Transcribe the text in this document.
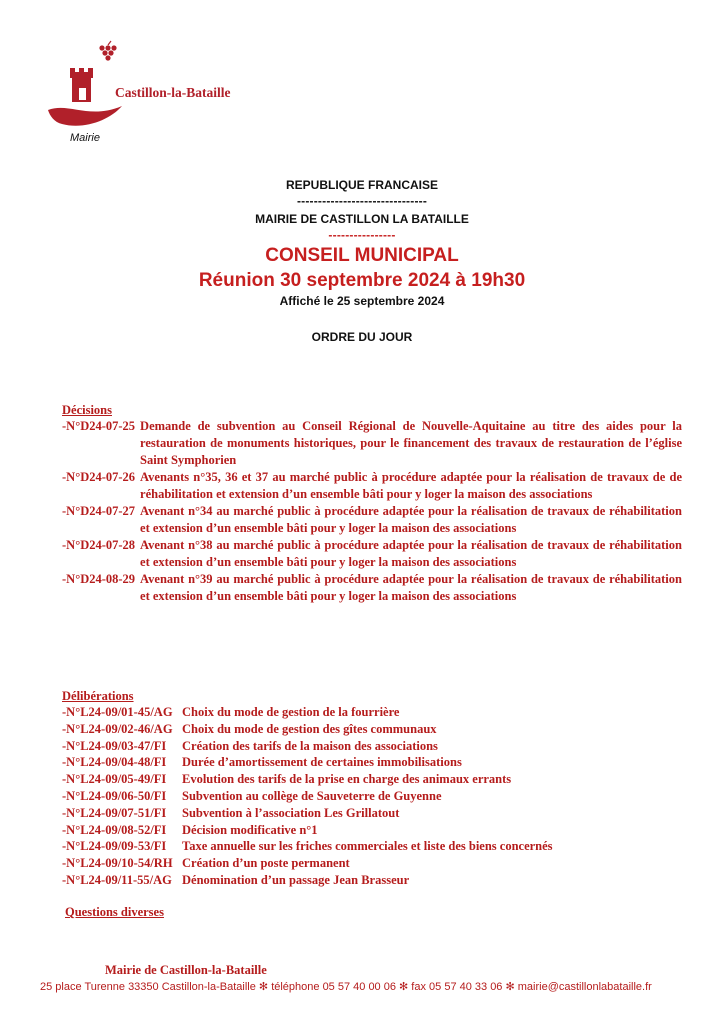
Castillon-la-Bataille
Mairie
REPUBLIQUE FRANCAISE
-------------------------------
MAIRIE DE CASTILLON LA BATAILLE
----------------
CONSEIL MUNICIPAL
Réunion 30 septembre 2024 à 19h30
Affiché le 25 septembre 2024
ORDRE DU JOUR
Décisions
-N°D24-07-25 Demande de subvention au Conseil Régional de Nouvelle-Aquitaine au titre des aides pour la restauration de monuments historiques, pour le financement des travaux de restauration de l’église Saint Symphorien
-N°D24-07-26 Avenants n°35, 36 et 37 au marché public à procédure adaptée pour la réalisation de travaux de de réhabilitation et extension d’un ensemble bâti pour y loger la maison des associations
-N°D24-07-27 Avenant n°34 au marché public à procédure adaptée pour la réalisation de travaux de réhabilitation et extension d’un ensemble bâti pour y loger la maison des associations
-N°D24-07-28 Avenant n°38 au marché public à procédure adaptée pour la réalisation de travaux de réhabilitation et extension d’un ensemble bâti pour y loger la maison des associations
-N°D24-08-29 Avenant n°39 au marché public à procédure adaptée pour la réalisation de travaux de réhabilitation et extension d’un ensemble bâti pour y loger la maison des associations
Délibérations
-N°L24-09/01-45/AG Choix du mode de gestion de la fourrière
-N°L24-09/02-46/AG Choix du mode de gestion des gîtes communaux
-N°L24-09/03-47/FI Création des tarifs de la maison des associations
-N°L24-09/04-48/FI Durée d’amortissement de certaines immobilisations
-N°L24-09/05-49/FI Evolution des tarifs de la prise en charge des animaux errants
-N°L24-09/06-50/FI Subvention au collège de Sauveterre de Guyenne
-N°L24-09/07-51/FI Subvention à l’association Les Grillatout
-N°L24-09/08-52/FI Décision modificative n°1
-N°L24-09/09-53/FI Taxe annuelle sur les friches commerciales et liste des biens concernés
-N°L24-09/10-54/RH Création d’un poste permanent
-N°L24-09/11-55/AG Dénomination d’un passage Jean Brasseur
Questions diverses
Mairie de Castillon-la-Bataille
25 place Turenne 33350 Castillon-la-Bataille ✻ téléphone 05 57 40 00 06 ✻ fax 05 57 40 33 06 ✻ mairie@castillonlabataille.fr
